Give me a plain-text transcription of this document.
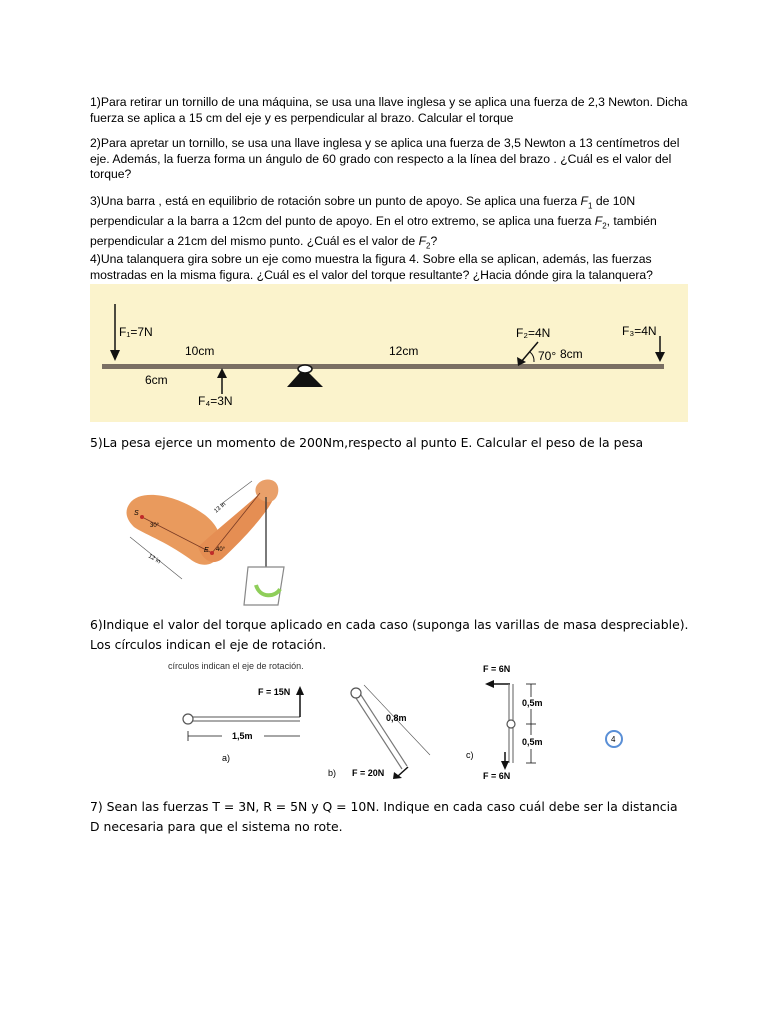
1)Para retirar un tornillo de una máquina, se usa una llave inglesa y se aplica una fuerza de 2,3 Newton. Dicha fuerza se aplica a 15 cm del eje y es perpendicular al brazo. Calcular el torque

2)Para apretar un tornillo, se usa una llave inglesa y se aplica una fuerza de 3,5 Newton a 13 centímetros del eje. Además, la fuerza forma un ángulo de 60 grado con respecto a la línea del brazo . ¿Cuál es el valor del torque?

3)Una barra , está en equilibrio de rotación sobre un punto de apoyo. Se aplica una fuerza $F_1$ de 10N perpendicular a la barra a 12cm del punto de apoyo. En el otro extremo, se aplica una fuerza $F_2$, también perpendicular a 21cm del mismo punto. ¿Cuál es el valor de $F_2$?

4)Una talanquera gira sobre un eje como muestra la figura 4. Sobre ella se aplican, además, las fuerzas mostradas en la misma figura. ¿Cuál es el valor del torque resultante? ¿Hacia dónde gira la talanquera?

F₁=7N
F₄=3N
10cm	12cm
6cm
8cm
70°
F₂=4N	F₃=4N

5)La pesa ejerce un momento de 200Nm,respecto al punto E. Calcular el peso de la pesa

S
E
30°
40°
13 in
12 in

6)Indique el valor del torque aplicado en cada caso (suponga las varillas de masa despreciable). Los círculos indican el eje de rotación.

círculos indican el eje de rotación.
F = 15N
1,5m
a)
0,8m
b) F = 20N
F = 6N
F = 6N
0,5m
0,5m
c)
4

7) Sean las fuerzas T = 3N, R = 5N y Q = 10N. Indique en cada caso cuál debe ser la distancia D necesaria para que el sistema no rote.
